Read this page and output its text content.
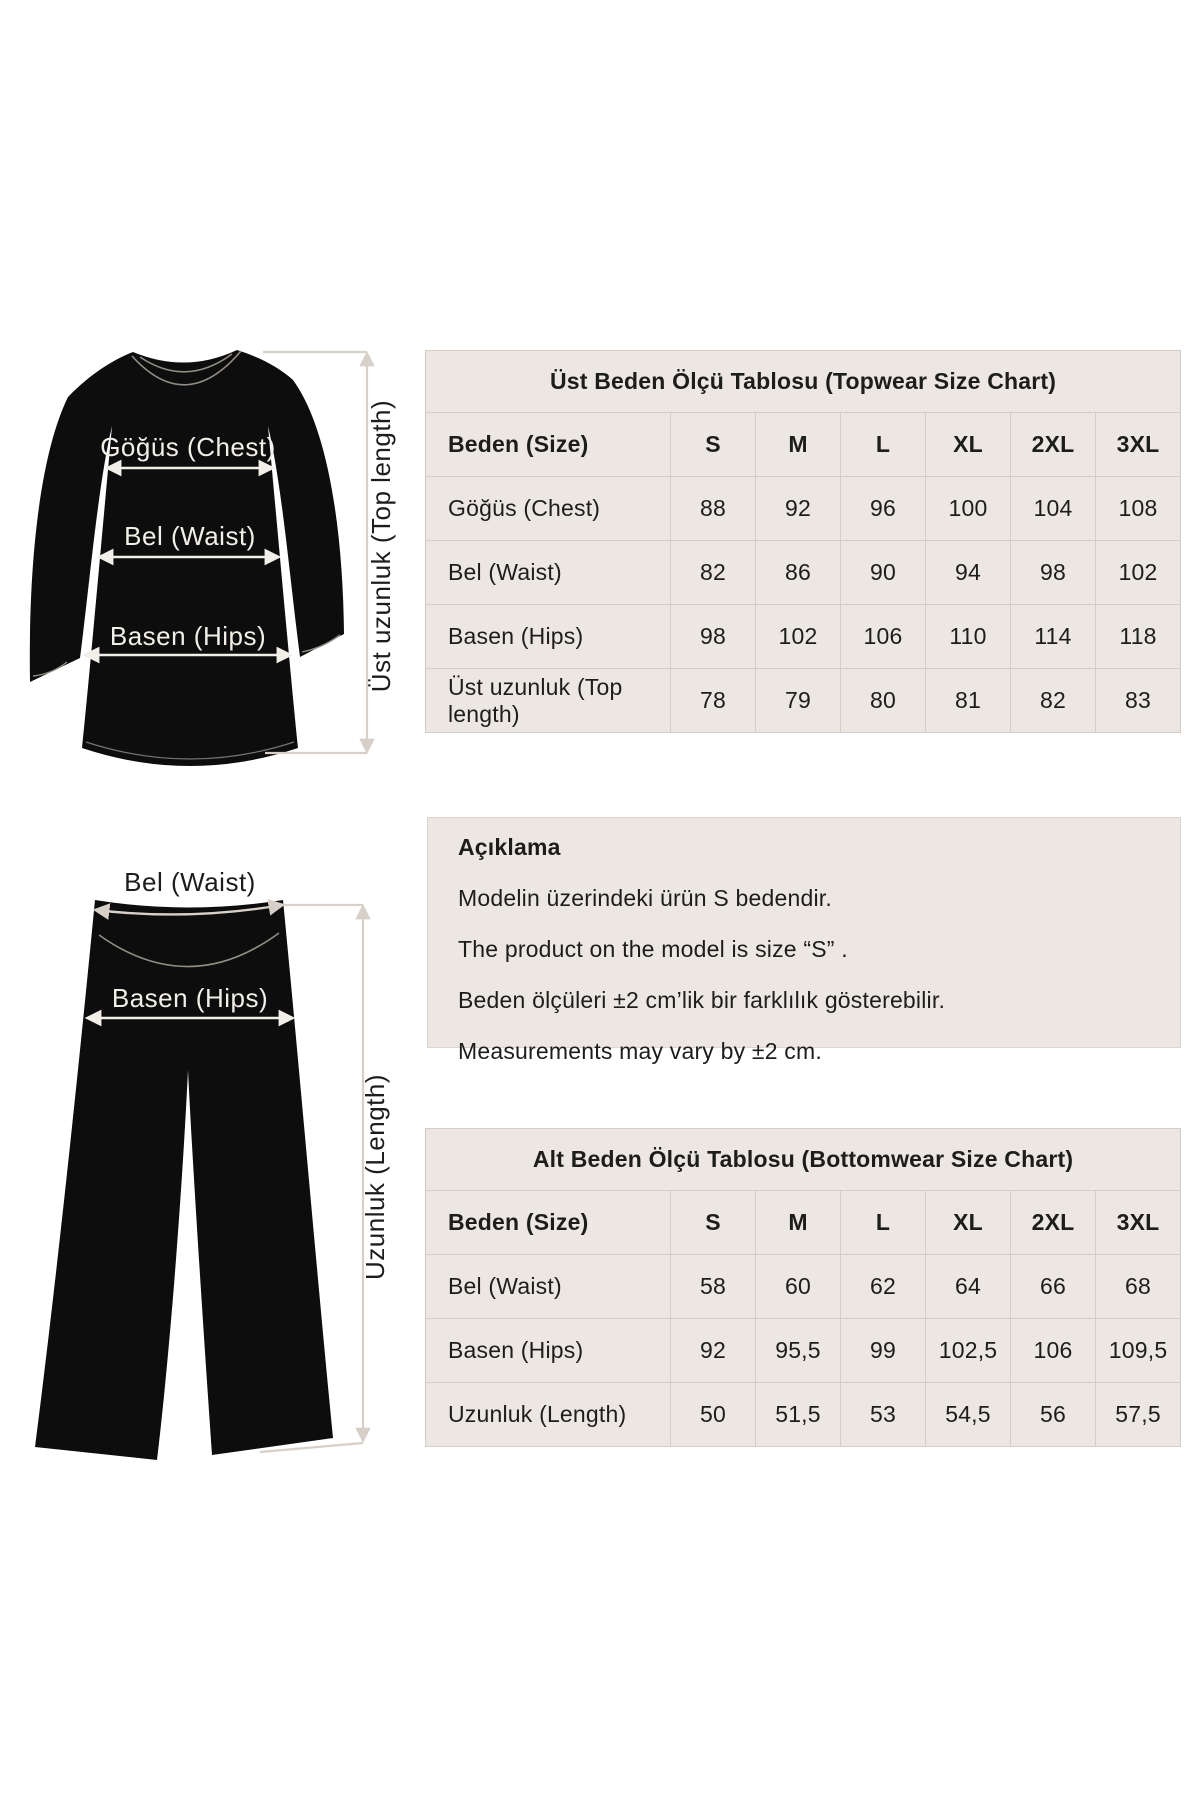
Göğüs (Chest)
Bel (Waist)
Basen (Hips)	Üst uzunluk (Top length)
Bel (Waist)
Basen (Hips)
Uzunluk (Length)
Üst Beden Ölçü Tablosu (Topwear Size Chart)						
Beden (Size)	S	M	L	XL	2XL	3XL
Göğüs (Chest)	88	92	96	100	104	108
Bel (Waist)	82	86	90	94	98	102
Basen (Hips)	98	102	106	110	114	118
Üst uzunluk (Top length)	78	79	80	81	82	83
Açıklama
Modelin üzerindeki ürün S bedendir.
The product on the model is size “S” .
Beden ölçüleri ±2 cm’lik bir farklılık gösterebilir.
Measurements may vary by ±2 cm.
Alt Beden Ölçü Tablosu (Bottomwear Size Chart)						
Beden (Size)	S	M	L	XL	2XL	3XL
Bel (Waist)	58	60	62	64	66	68
Basen (Hips)	92	95,5	99	102,5	106	109,5
Uzunluk (Length)	50	51,5	53	54,5	56	57,5
